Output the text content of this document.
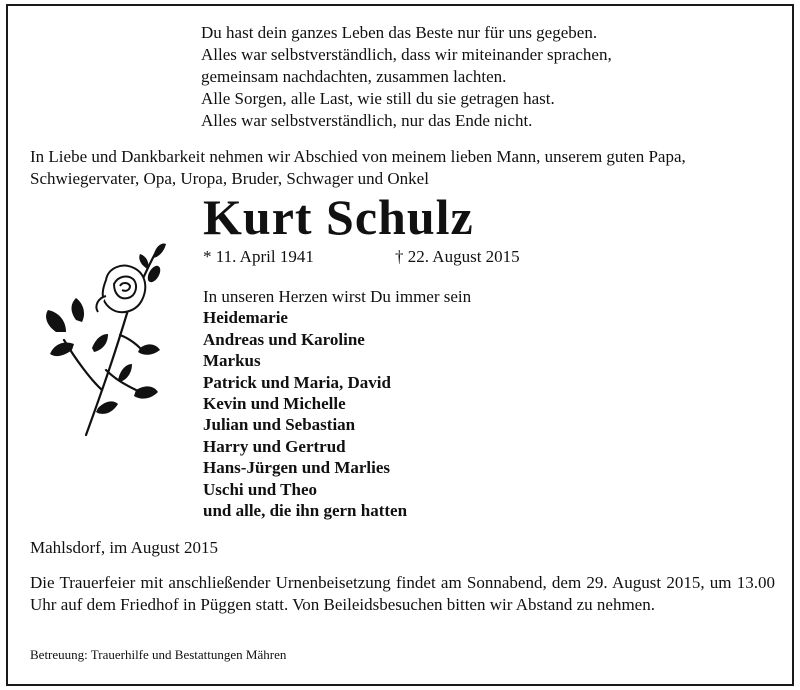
Du hast dein ganzes Leben das Beste nur für uns gegeben.
Alles war selbstverständlich, dass wir miteinander sprachen,
gemeinsam nachdachten, zusammen lachten.
Alle Sorgen, alle Last, wie still du sie getragen hast.
Alles war selbstverständlich, nur das Ende nicht.
In Liebe und Dankbarkeit nehmen wir Abschied von meinem lieben Mann, unserem guten Papa, Schwiegervater, Opa, Uropa, Bruder, Schwager und Onkel
Kurt Schulz
* 11. April 1941	† 22. August 2015
In unseren Herzen wirst Du immer sein
Heidemarie
Andreas und Karoline
Markus
Patrick und Maria, David
Kevin und Michelle
Julian und Sebastian
Harry und Gertrud
Hans-Jürgen und Marlies
Uschi und Theo
und alle, die ihn gern hatten
Mahlsdorf, im August 2015
Die Trauerfeier mit anschließender Urnenbeisetzung findet am Sonnabend, dem 29. August 2015, um 13.00 Uhr auf dem Friedhof in Püggen statt. Von Beileidsbesuchen bitten wir Abstand zu nehmen.
Betreuung: Trauerhilfe und Bestattungen Mähren
